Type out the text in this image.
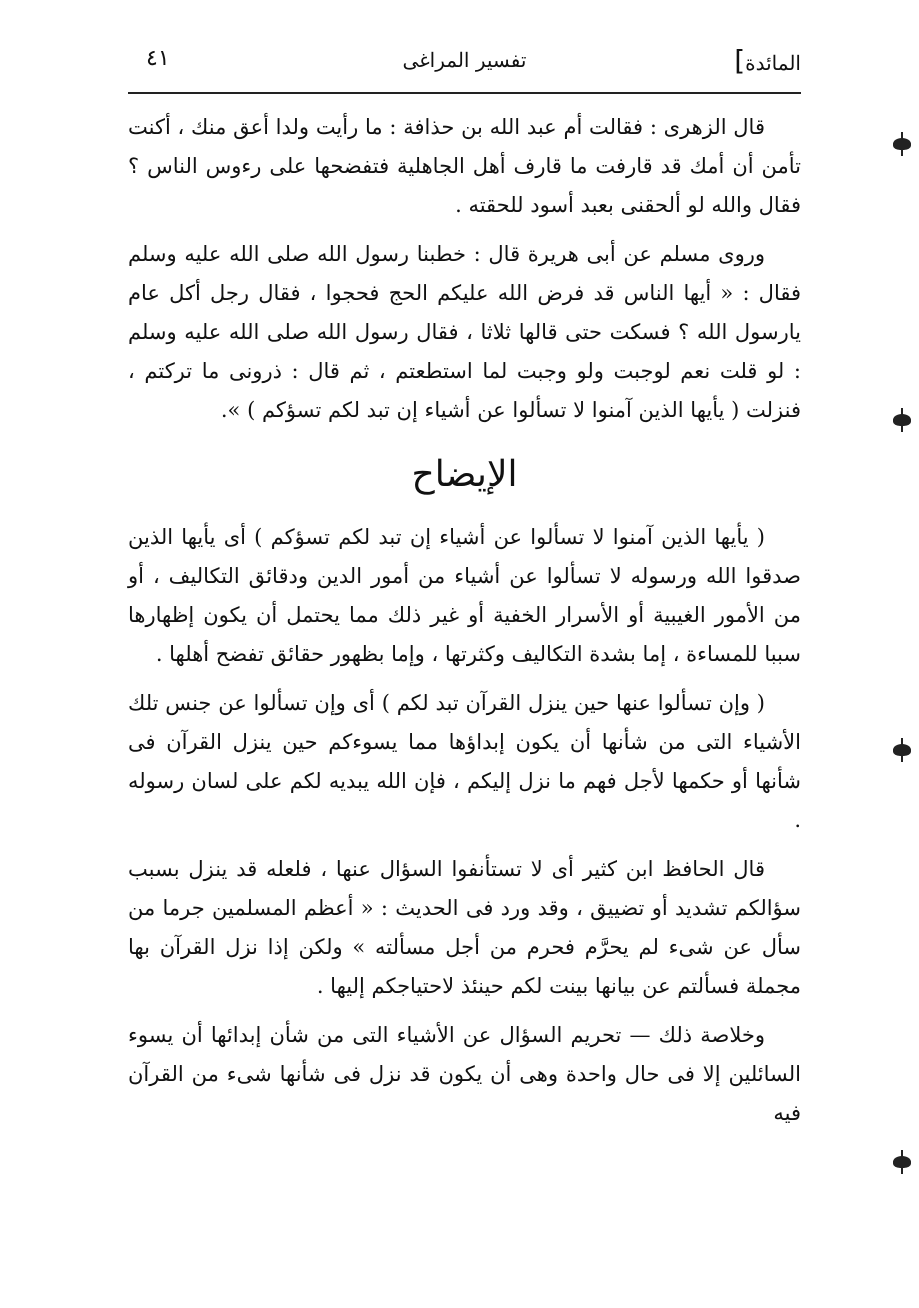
المائدة]
تفسير المراغى
٤١

قال الزهرى : فقالت أم عبد الله بن حذافة : ما رأيت ولدا أعق منك ، أكنت تأمن أن أمك قد قارفت ما قارف أهل الجاهلية فتفضحها على رءوس الناس ؟ فقال والله لو ألحقنى بعبد أسود للحقته .

وروى مسلم عن أبى هريرة قال : خطبنا رسول الله صلى الله عليه وسلم فقال : « أيها الناس قد فرض الله عليكم الحج فحجوا ، فقال رجل أكل عام يارسول الله ؟ فسكت حتى قالها ثلاثا ، فقال رسول الله صلى الله عليه وسلم : لو قلت نعم لوجبت ولو وجبت لما استطعتم ، ثم قال : ذرونى ما تركتم ، فنزلت ( يأيها الذين آمنوا لا تسألوا عن أشياء إن تبد لكم تسؤكم ) ».

الإيضاح

( يأيها الذين آمنوا لا تسألوا عن أشياء إن تبد لكم تسؤكم ) أى يأيها الذين صدقوا الله ورسوله لا تسألوا عن أشياء من أمور الدين ودقائق التكاليف ، أو من الأمور الغيبية أو الأسرار الخفية أو غير ذلك مما يحتمل أن يكون إظهارها سببا للمساءة ، إما بشدة التكاليف وكثرتها ، وإما بظهور حقائق تفضح أهلها .

( وإن تسألوا عنها حين ينزل القرآن تبد لكم ) أى وإن تسألوا عن جنس تلك الأشياء التى من شأنها أن يكون إبداؤها مما يسوءكم حين ينزل القرآن فى شأنها أو حكمها لأجل فهم ما نزل إليكم ، فإن الله يبديه لكم على لسان رسوله .

قال الحافظ ابن كثير أى لا تستأنفوا السؤال عنها ، فلعله قد ينزل بسبب سؤالكم تشديد أو تضييق ، وقد ورد فى الحديث : « أعظم المسلمين جرما من سأل عن شىء لم يحرَّم فحرم من أجل مسألته » ولكن إذا نزل القرآن بها مجملة فسألتم عن بيانها بينت لكم حينئذ لاحتياجكم إليها .

وخلاصة ذلك — تحريم السؤال عن الأشياء التى من شأن إبدائها أن يسوء السائلين إلا فى حال واحدة وهى أن يكون قد نزل فى شأنها شىء من القرآن فيه
